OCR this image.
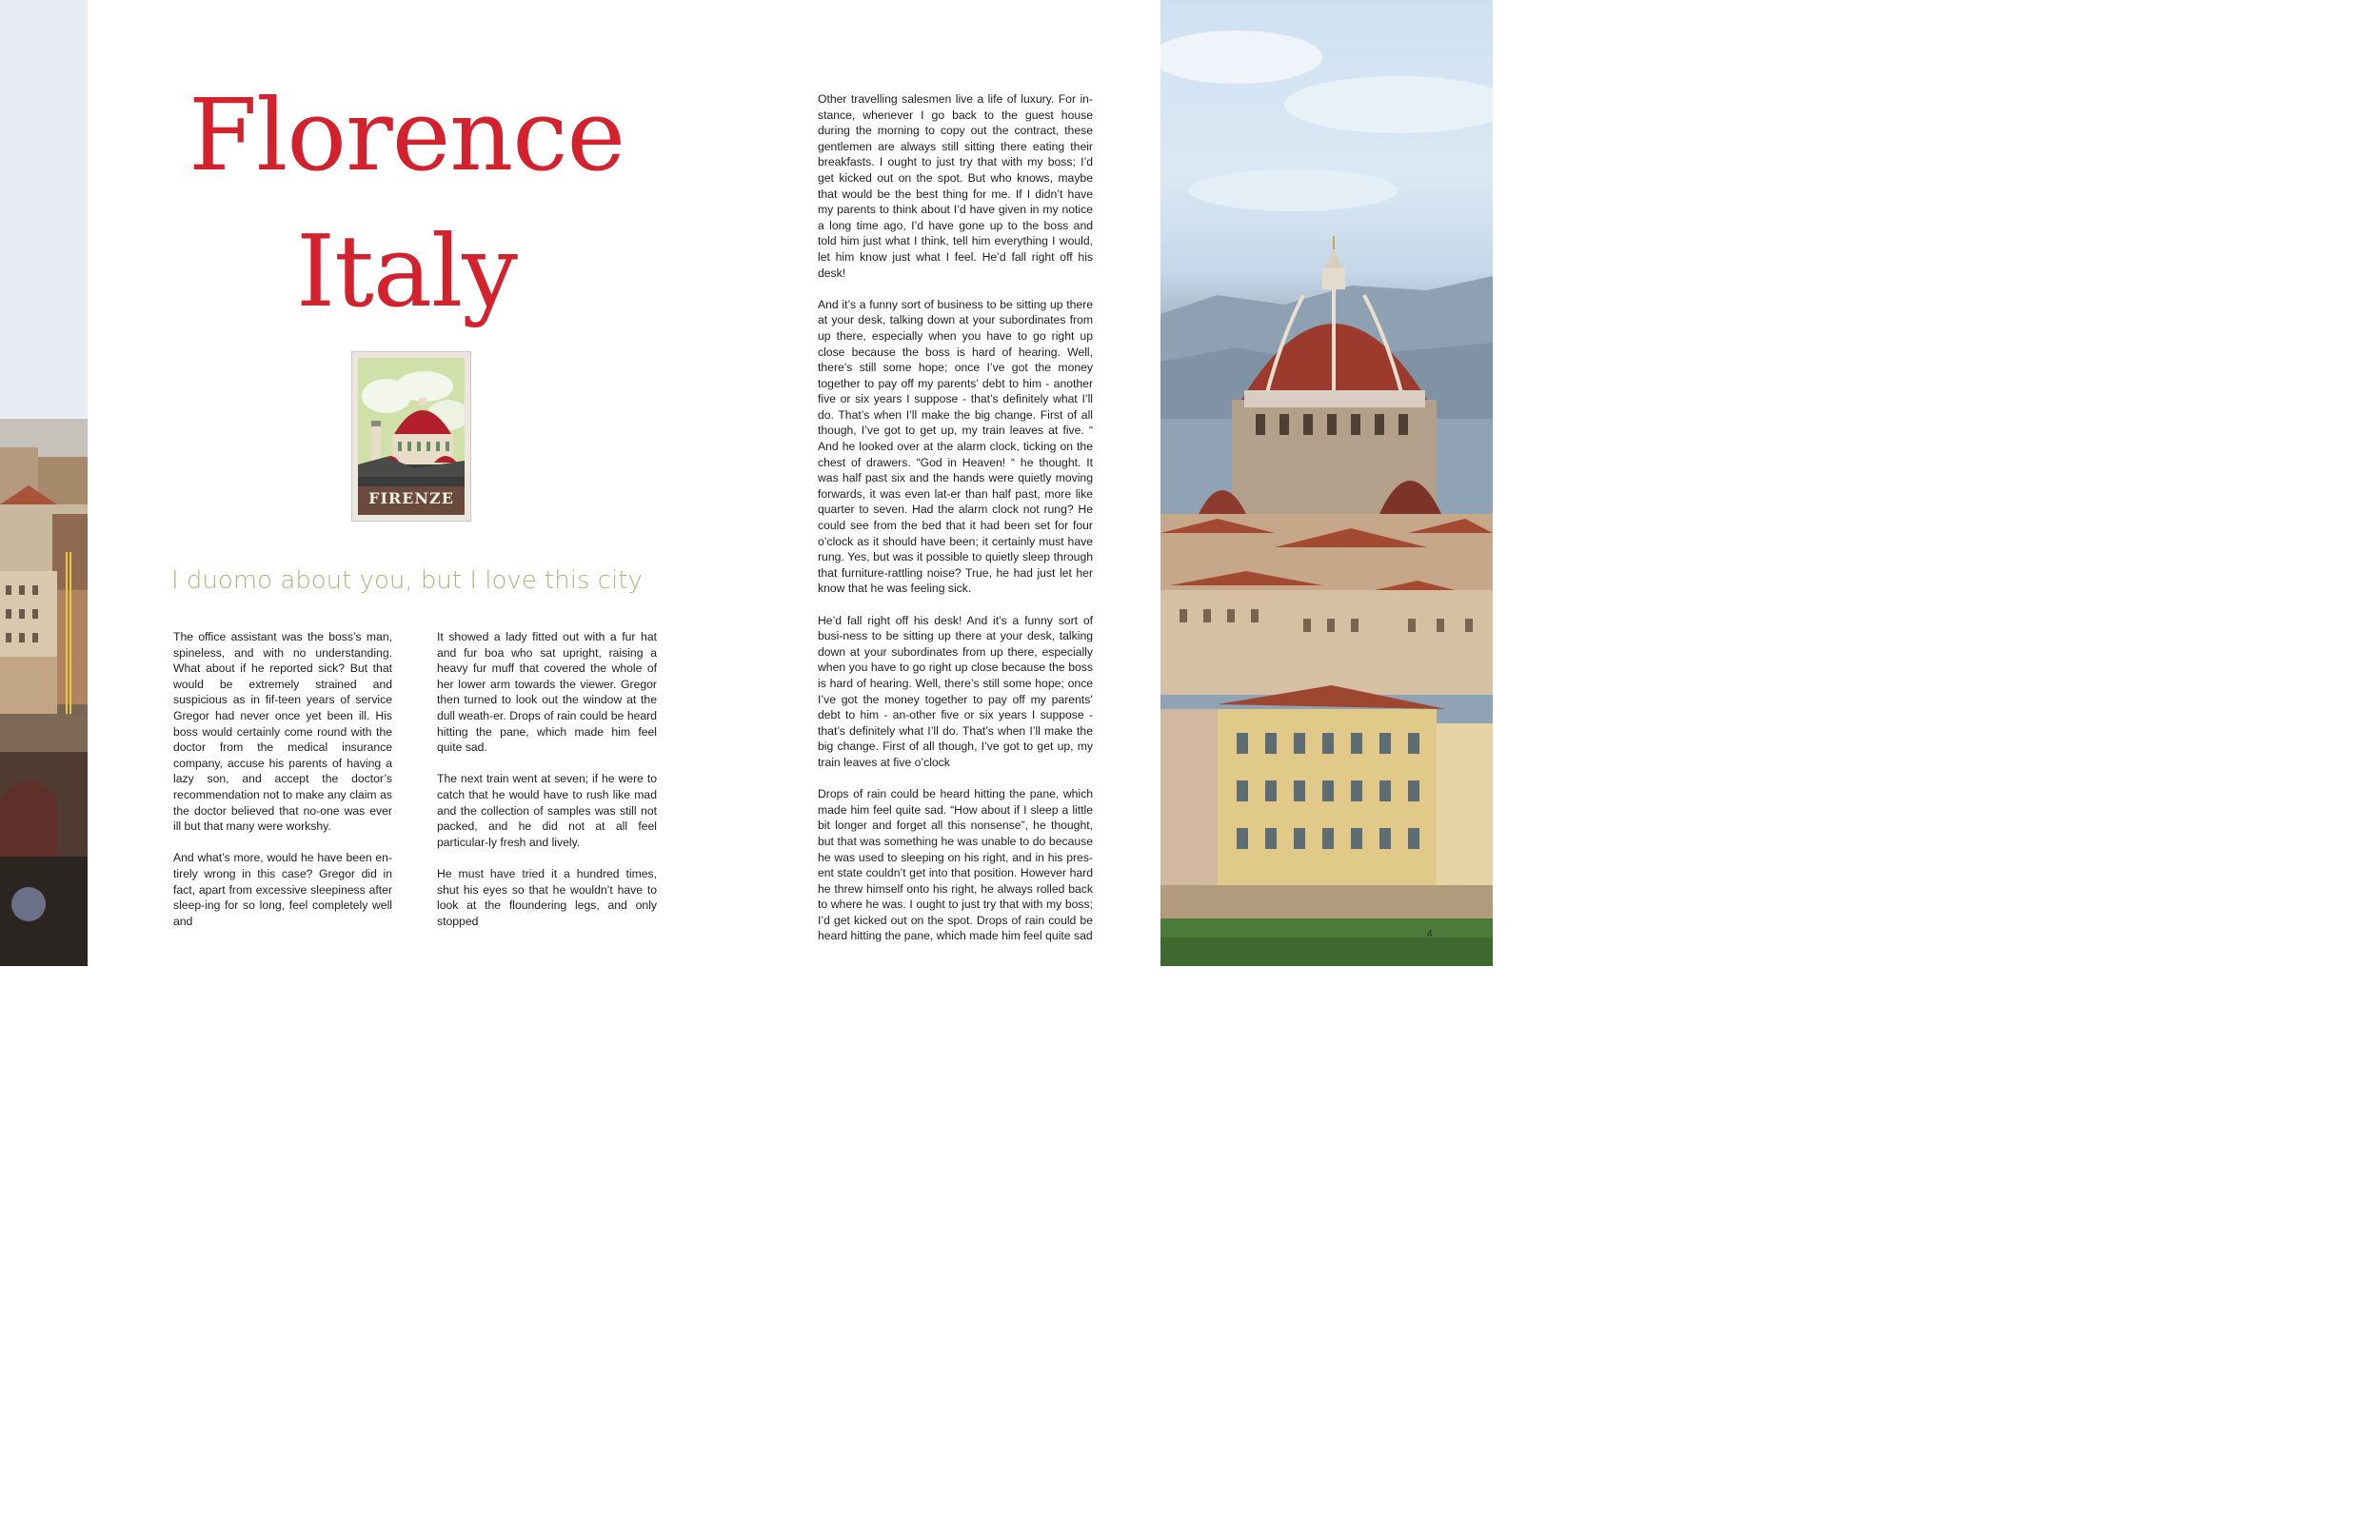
Florence
Italy
FIRENZE

I duomo about you, but I love this city

The office assistant was the boss’s man, spineless, and with no understanding. What about if he reported sick? But that would be extremely strained and suspicious as in fif-teen years of service Gregor had never once yet been ill. His boss would certainly come round with the doctor from the medical insurance company, accuse his parents of having a lazy son, and accept the doctor’s recommendation not to make any claim as the doctor believed that no-one was ever ill but that many were workshy.

And what’s more, would he have been en-tirely wrong in this case? Gregor did in fact, apart from excessive sleepiness after sleep-ing for so long, feel completely well and

It showed a lady fitted out with a fur hat and fur boa who sat upright, raising a heavy fur muff that covered the whole of her lower arm towards the viewer. Gregor then turned to look out the window at the dull weath-er. Drops of rain could be heard hitting the pane, which made him feel quite sad.

The next train went at seven; if he were to catch that he would have to rush like mad and the collection of samples was still not packed, and he did not at all feel particular-ly fresh and lively.

He must have tried it a hundred times, shut his eyes so that he wouldn’t have to look at the floundering legs, and only stopped

Other travelling salesmen live a life of luxury. For in-stance, whenever I go back to the guest house during the morning to copy out the contract, these gentlemen are always still sitting there eating their breakfasts. I ought to just try that with my boss; I’d get kicked out on the spot. But who knows, maybe that would be the best thing for me. If I didn’t have my parents to think about I’d have given in my notice a long time ago, I’d have gone up to the boss and told him just what I think, tell him everything I would, let him know just what I feel. He’d fall right off his desk!

And it’s a funny sort of business to be sitting up there at your desk, talking down at your subordinates from up there, especially when you have to go right up close because the boss is hard of hearing. Well, there’s still some hope; once I’ve got the money together to pay off my parents’ debt to him - another five or six years I suppose - that’s definitely what I’ll do. That’s when I’ll make the big change. First of all though, I’ve got to get up, my train leaves at five. “ And he looked over at the alarm clock, ticking on the chest of drawers. “God in Heaven! “ he thought. It was half past six and the hands were quietly moving forwards, it was even lat-er than half past, more like quarter to seven. Had the alarm clock not rung? He could see from the bed that it had been set for four o’clock as it should have been; it certainly must have rung. Yes, but was it possible to quietly sleep through that furniture-rattling noise? True, he had just let her know that he was feeling sick.

He’d fall right off his desk! And it’s a funny sort of busi-ness to be sitting up there at your desk, talking down at your subordinates from up there, especially when you have to go right up close because the boss is hard of hearing. Well, there’s still some hope; once I’ve got the money together to pay off my parents’ debt to him - an-other five or six years I suppose - that’s definitely what I’ll do. That’s when I’ll make the big change. First of all though, I’ve got to get up, my train leaves at five o’clock

Drops of rain could be heard hitting the pane, which made him feel quite sad. “How about if I sleep a little bit longer and forget all this nonsense”, he thought, but that was something he was unable to do because he was used to sleeping on his right, and in his pres-ent state couldn’t get into that position. However hard he threw himself onto his right, he always rolled back to where he was. I ought to just try that with my boss; I’d get kicked out on the spot. Drops of rain could be heard hitting the pane, which made him feel quite sad

3	4
